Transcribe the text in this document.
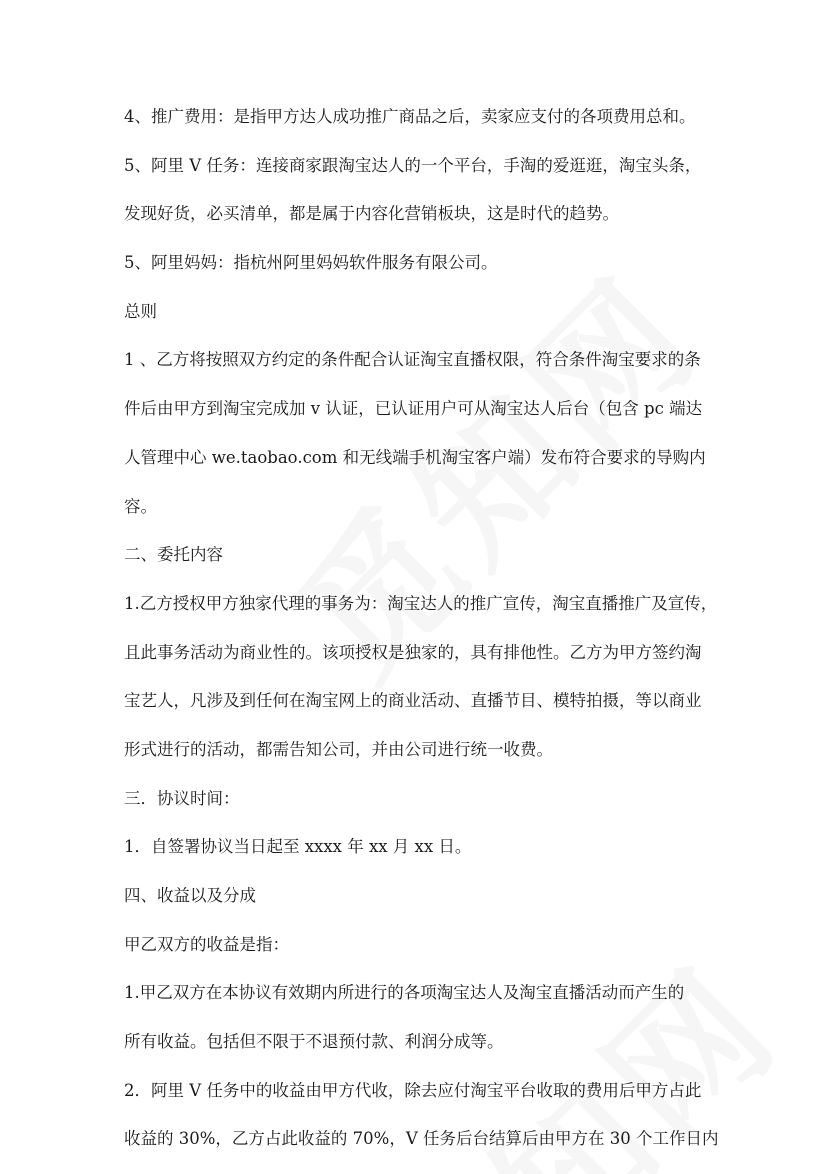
4、推广费用：是指甲方达人成功推广商品之后，卖家应支付的各项费用总和。

5、阿里 V 任务：连接商家跟淘宝达人的一个平台，手淘的爱逛逛，淘宝头条，

发现好货，必买清单，都是属于内容化营销板块，这是时代的趋势。

5、阿里妈妈：指杭州阿里妈妈软件服务有限公司。

总则

1 、乙方将按照双方约定的条件配合认证淘宝直播权限，符合条件淘宝要求的条

件后由甲方到淘宝完成加 v 认证，已认证用户可从淘宝达人后台（包含 pc 端达

人管理中心 we.taobao.com 和无线端手机淘宝客户端）发布符合要求的导购内

容。

二、委托内容

1.乙方授权甲方独家代理的事务为：淘宝达人的推广宣传，淘宝直播推广及宣传，

且此事务活动为商业性的。该项授权是独家的，具有排他性。乙方为甲方签约淘

宝艺人，凡涉及到任何在淘宝网上的商业活动、直播节目、模特拍摄，等以商业

形式进行的活动，都需告知公司，并由公司进行统一收费。

三．协议时间：

1．自签署协议当日起至 xxxx 年 xx 月 xx 日。

四、收益以及分成

甲乙双方的收益是指：

1.甲乙双方在本协议有效期内所进行的各项淘宝达人及淘宝直播活动而产生的

所有收益。包括但不限于不退预付款、利润分成等。

2．阿里 V 任务中的收益由甲方代收，除去应付淘宝平台收取的费用后甲方占此

收益的 30%，乙方占此收益的 70%，V 任务后台结算后由甲方在 30 个工作日内
